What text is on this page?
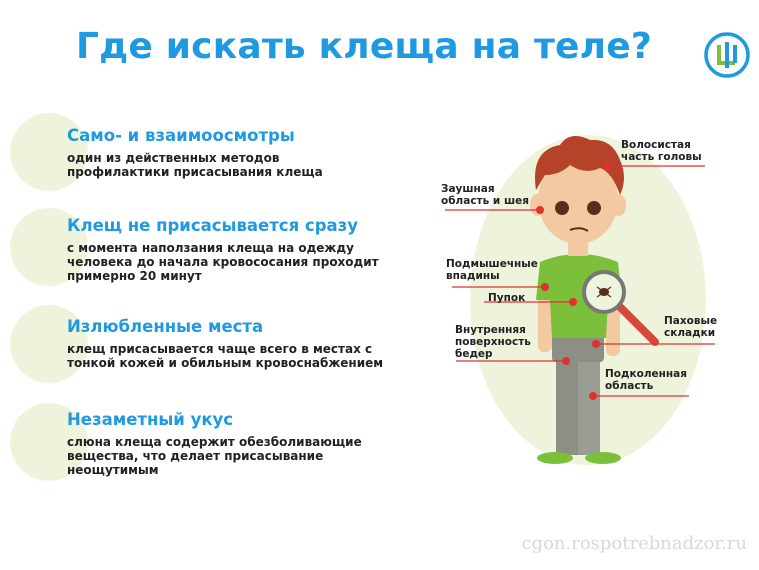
Где искать клеща на теле?
Само- и взаимоосмотры

один из действенных методов
профилактики присасывания клеща

Клещ не присасывается сразу

с момента наползания клеща на одежду
человека до начала кровососания проходит
примерно 20 минут

Излюбленные места

клещ присасывается чаще всего в местах с
тонкой кожей и обильным кровоснабжением

Незаметный укус

слюна клеща содержит обезболивающие
вещества, что делает присасывание
неощутимым

Волосистая
часть головы
Заушная
область и шея
Подмышечные
впадины
Пупок
Паховые
складки
Внутренняя
поверхность
бедер
Подколенная
область
cgon.rospotrebnadzor.ru
